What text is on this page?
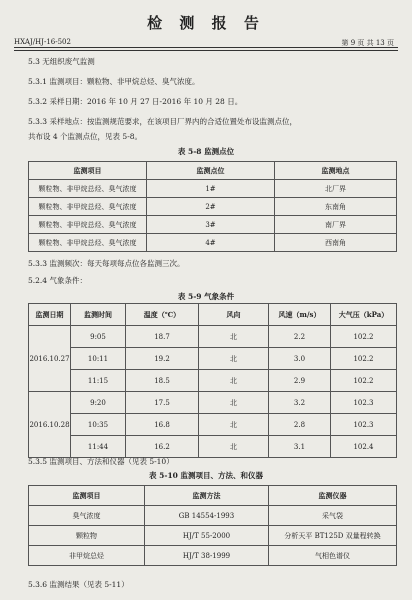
检 测 报 告
HXAJ/HJ-16-502	第 9 页 共 13 页
5.3 无组织废气监测
5.3.1 监测项目：颗粒物、非甲烷总烃、臭气浓度。
5.3.2 采样日期：2016 年 10 月 27 日-2016 年 10 月 28 日。
5.3.3 采样地点：按监测规范要求，在该项目厂界内的合适位置处布设监测点位，
共布设 4 个监测点位，见表 5-8。
表 5-8 监测点位
监测项目	监测点位	监测地点
颗粒物、非甲烷总烃、臭气浓度	1#	北厂界
颗粒物、非甲烷总烃、臭气浓度	2#	东南角
颗粒物、非甲烷总烃、臭气浓度	3#	南厂界
颗粒物、非甲烷总烃、臭气浓度	4#	西南角
5.3.3 监测频次：每天每项每点位各监测三次。
5.2.4 气象条件：
表 5-9 气象条件
监测日期	监测时间	温度（℃）	风向	风速（m/s）	大气压（kPa）
2016.10.27	9:05	18.7	北	2.2	102.2
	10:11	19.2	北	3.0	102.2
	11:15	18.5	北	2.9	102.2
2016.10.28	9:20	17.5	北	3.2	102.3
	10:35	16.8	北	2.8	102.3
	11:44	16.2	北	3.1	102.4
5.3.5 监测项目、方法和仪器（见表 5-10）
表 5-10 监测项目、方法、和仪器
监测项目	监测方法	监测仪器
臭气浓度	GB 14554-1993	采气袋
颗粒物	HJ/T 55-2000	分析天平 BT125D 双量程转换
非甲烷总烃	HJ/T 38-1999	气相色谱仪
5.3.6 监测结果（见表 5-11）
